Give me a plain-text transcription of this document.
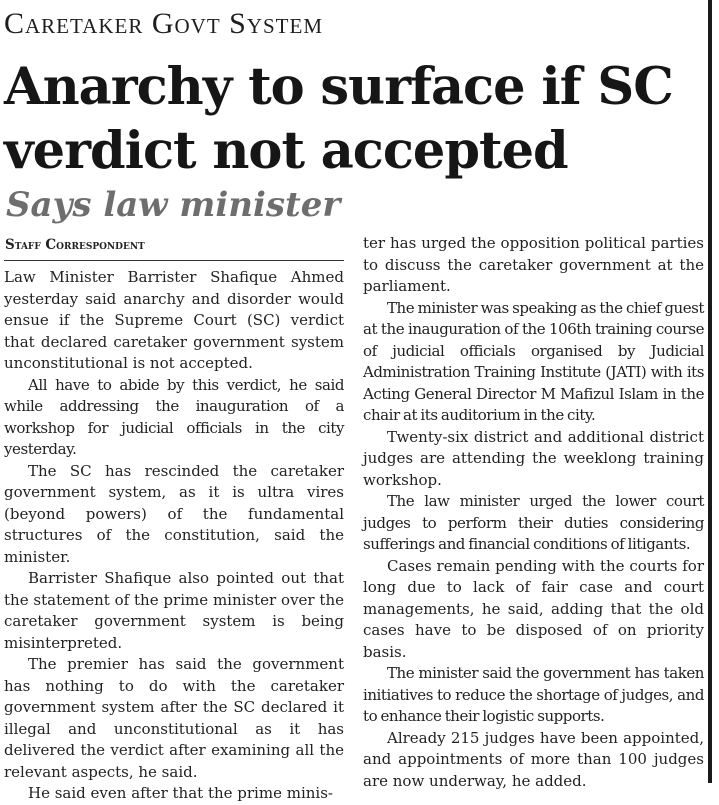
Caretaker Govt System
Anarchy to surface if SC verdict not accepted
Says law minister
Staff Correspondent

Law Minister Barrister Shafique Ahmed yesterday said anarchy and disorder would ensue if the Supreme Court (SC) verdict that declared caretaker government system unconstitutional is not accepted.

All have to abide by this verdict, he said while addressing the inauguration of a workshop for judicial officials in the city yesterday.

The SC has rescinded the caretaker government system, as it is ultra vires (beyond powers) of the fundamental structures of the constitution, said the minister.

Barrister Shafique also pointed out that the statement of the prime minister over the caretaker government system is being misinterpreted.

The premier has said the government has nothing to do with the caretaker government system after the SC declared it illegal and unconstitutional as it has delivered the verdict after examining all the relevant aspects, he said.

He said even after that the prime minis-

ter has urged the opposition political parties to discuss the caretaker government at the parliament.

The minister was speaking as the chief guest at the inauguration of the 106th training course of judicial officials organised by Judicial Administration Training Institute (JATI) with its Acting General Director M Mafizul Islam in the chair at its auditorium in the city.

Twenty-six district and additional district judges are attending the weeklong training workshop.

The law minister urged the lower court judges to perform their duties considering sufferings and financial conditions of litigants.

Cases remain pending with the courts for long due to lack of fair case and court managements, he said, adding that the old cases have to be disposed of on priority basis.

The minister said the government has taken initiatives to reduce the shortage of judges, and to enhance their logistic supports.

Already 215 judges have been appointed, and appointments of more than 100 judges are now underway, he added.
